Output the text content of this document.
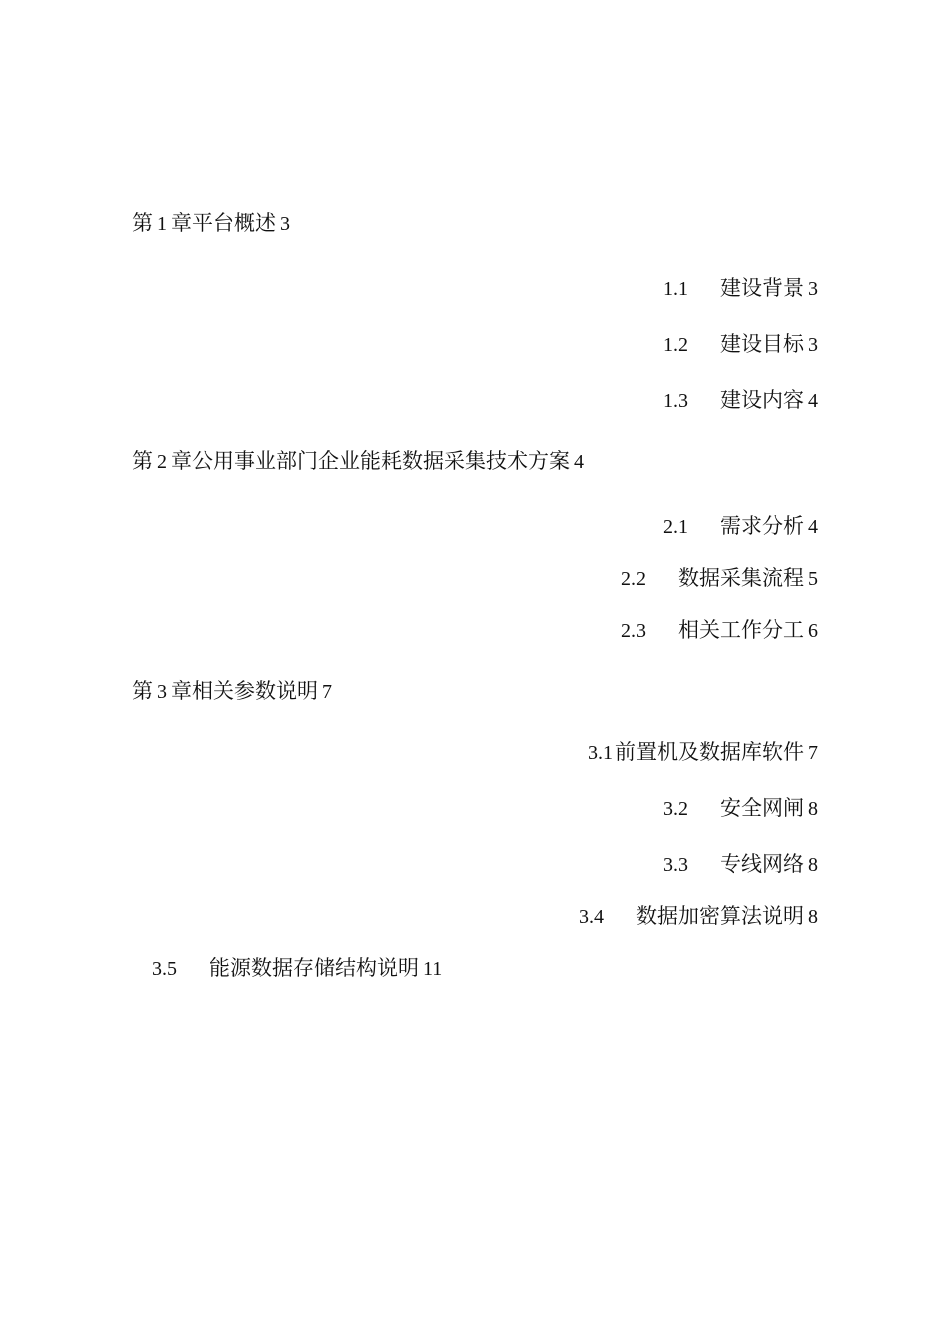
第 1 章平台概述 3
1.1 建设背景 3
1.2 建设目标 3
1.3 建设内容 4
第 2 章公用事业部门企业能耗数据采集技术方案 4
2.1 需求分析 4
2.2 数据采集流程 5
2.3 相关工作分工 6
第 3 章相关参数说明 7
3.1前置机及数据库软件 7
3.2 安全网闸 8
3.3 专线网络 8
3.4 数据加密算法说明 8
3.5 能源数据存储结构说明 11
